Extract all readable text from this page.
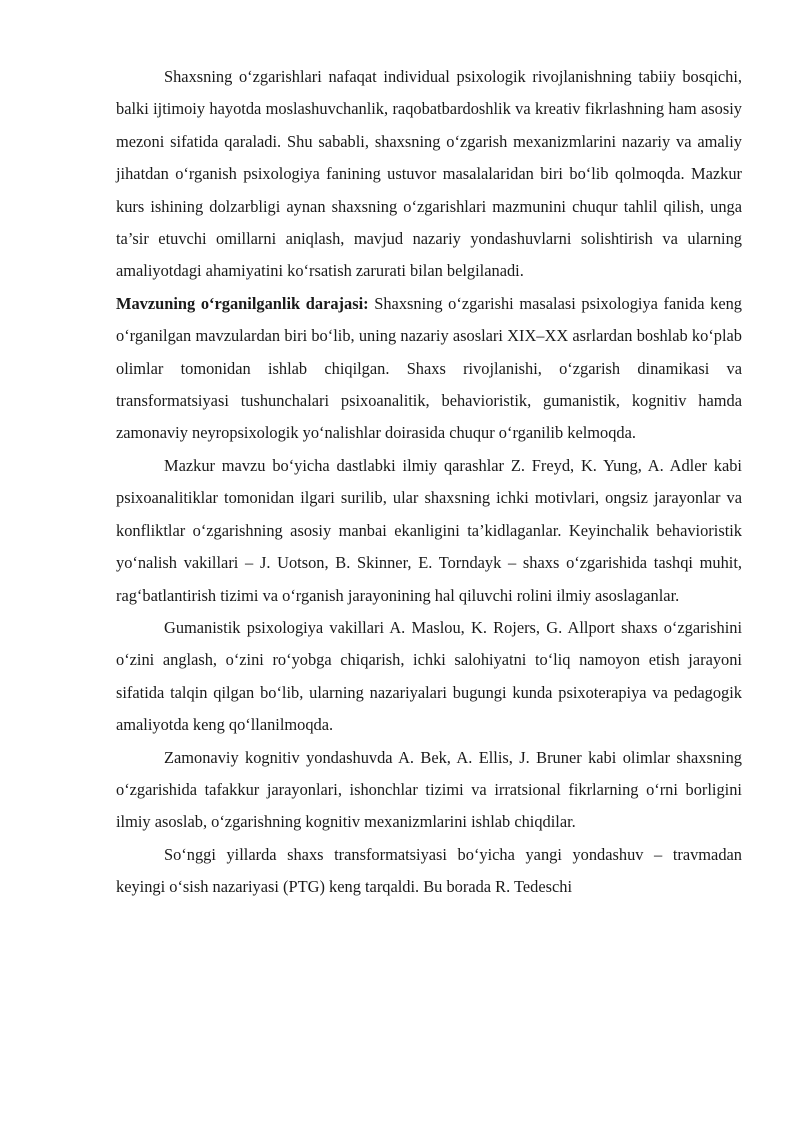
Shaxsning o‘zgarishlari nafaqat individual psixologik rivojlanishning tabiiy bosqichi, balki ijtimoiy hayotda moslashuvchanlik, raqobatbardoshlik va kreativ fikrlashning ham asosiy mezoni sifatida qaraladi. Shu sababli, shaxsning o‘zgarish mexanizmlarini nazariy va amaliy jihatdan o‘rganish psixologiya fanining ustuvor masalalaridan biri bo‘lib qolmoqda. Mazkur kurs ishining dolzarbligi aynan shaxsning o‘zgarishlari mazmunini chuqur tahlil qilish, unga ta’sir etuvchi omillarni aniqlash, mavjud nazariy yondashuvlarni solishtirish va ularning amaliyotdagi ahamiyatini ko‘rsatish zarurati bilan belgilanadi.

Mavzuning o‘rganilganlik darajasi: Shaxsning o‘zgarishi masalasi psixologiya fanida keng o‘rganilgan mavzulardan biri bo‘lib, uning nazariy asoslari XIX–XX asrlardan boshlab ko‘plab olimlar tomonidan ishlab chiqilgan. Shaxs rivojlanishi, o‘zgarish dinamikasi va transformatsiyasi tushunchalari psixoanalitik, behavioristik, gumanistik, kognitiv hamda zamonaviy neyropsixologik yo‘nalishlar doirasida chuqur o‘rganilib kelmoqda.

Mazkur mavzu bo‘yicha dastlabki ilmiy qarashlar Z. Freyd, K. Yung, A. Adler kabi psixoanalitiklar tomonidan ilgari surilib, ular shaxsning ichki motivlari, ongsiz jarayonlar va konfliktlar o‘zgarishning asosiy manbai ekanligini ta’kidlaganlar. Keyinchalik behavioristik yo‘nalish vakillari – J. Uotson, B. Skinner, E. Torndayk – shaxs o‘zgarishida tashqi muhit, rag‘batlantirish tizimi va o‘rganish jarayonining hal qiluvchi rolini ilmiy asoslaganlar.

Gumanistik psixologiya vakillari A. Maslou, K. Rojers, G. Allport shaxs o‘zgarishini o‘zini anglash, o‘zini ro‘yobga chiqarish, ichki salohiyatni to‘liq namoyon etish jarayoni sifatida talqin qilgan bo‘lib, ularning nazariyalari bugungi kunda psixoterapiya va pedagogik amaliyotda keng qo‘llanilmoqda.

Zamonaviy kognitiv yondashuvda A. Bek, A. Ellis, J. Bruner kabi olimlar shaxsning o‘zgarishida tafakkur jarayonlari, ishonchlar tizimi va irratsional fikrlarning o‘rni borligini ilmiy asoslab, o‘zgarishning kognitiv mexanizmlarini ishlab chiqdilar.

So‘nggi yillarda shaxs transformatsiyasi bo‘yicha yangi yondashuv – travmadan keyingi o‘sish nazariyasi (PTG) keng tarqaldi. Bu borada R. Tedeschi
